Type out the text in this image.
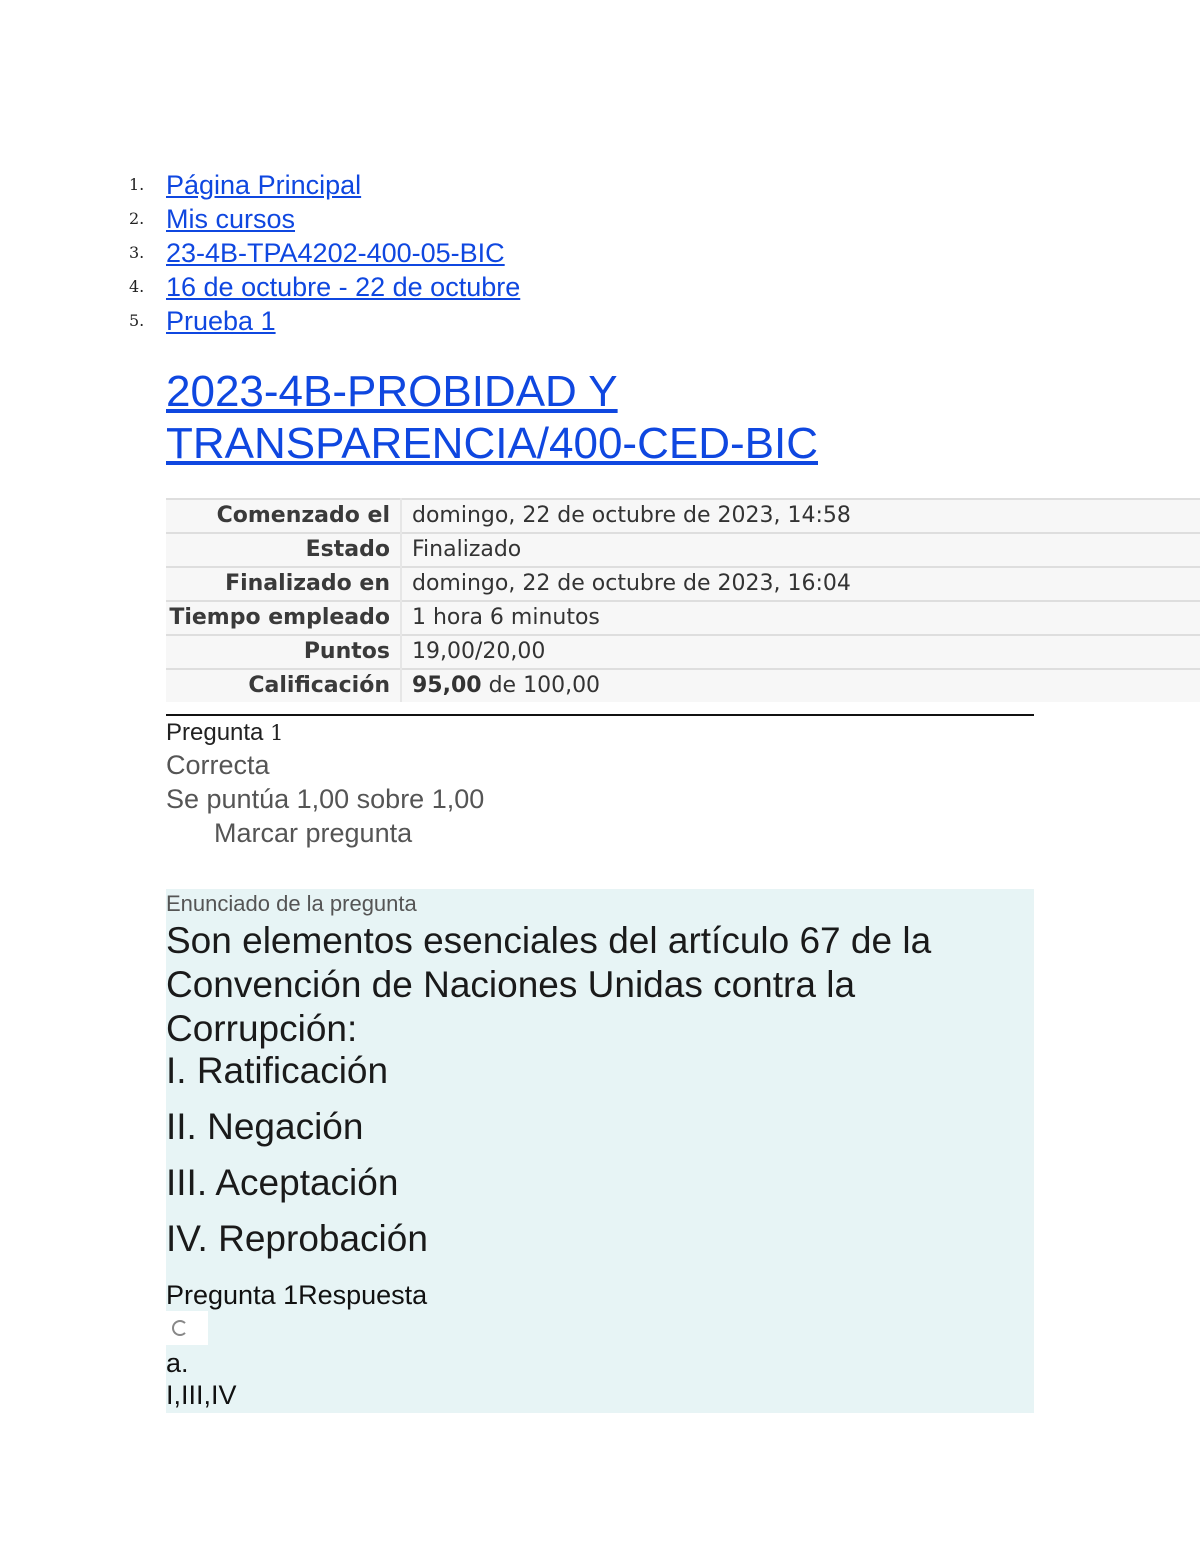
1. Página Principal
2. Mis cursos
3. 23-4B-TPA4202-400-05-BIC
4. 16 de octubre - 22 de octubre
5. Prueba 1
2023-4B-PROBIDAD Y TRANSPARENCIA/400-CED-BIC
Comenzado el	domingo, 22 de octubre de 2023, 14:58
Estado	Finalizado
Finalizado en	domingo, 22 de octubre de 2023, 16:04
Tiempo empleado	1 hora 6 minutos
Puntos	19,00/20,00
Calificación	95,00 de 100,00
Pregunta 1
Correcta
Se puntúa 1,00 sobre 1,00
Marcar pregunta
Enunciado de la pregunta
Son elementos esenciales del artículo 67 de la Convención de Naciones Unidas contra la Corrupción:
I. Ratificación
II. Negación
III. Aceptación
IV. Reprobación
Pregunta 1Respuesta
a.
I,III,IV
